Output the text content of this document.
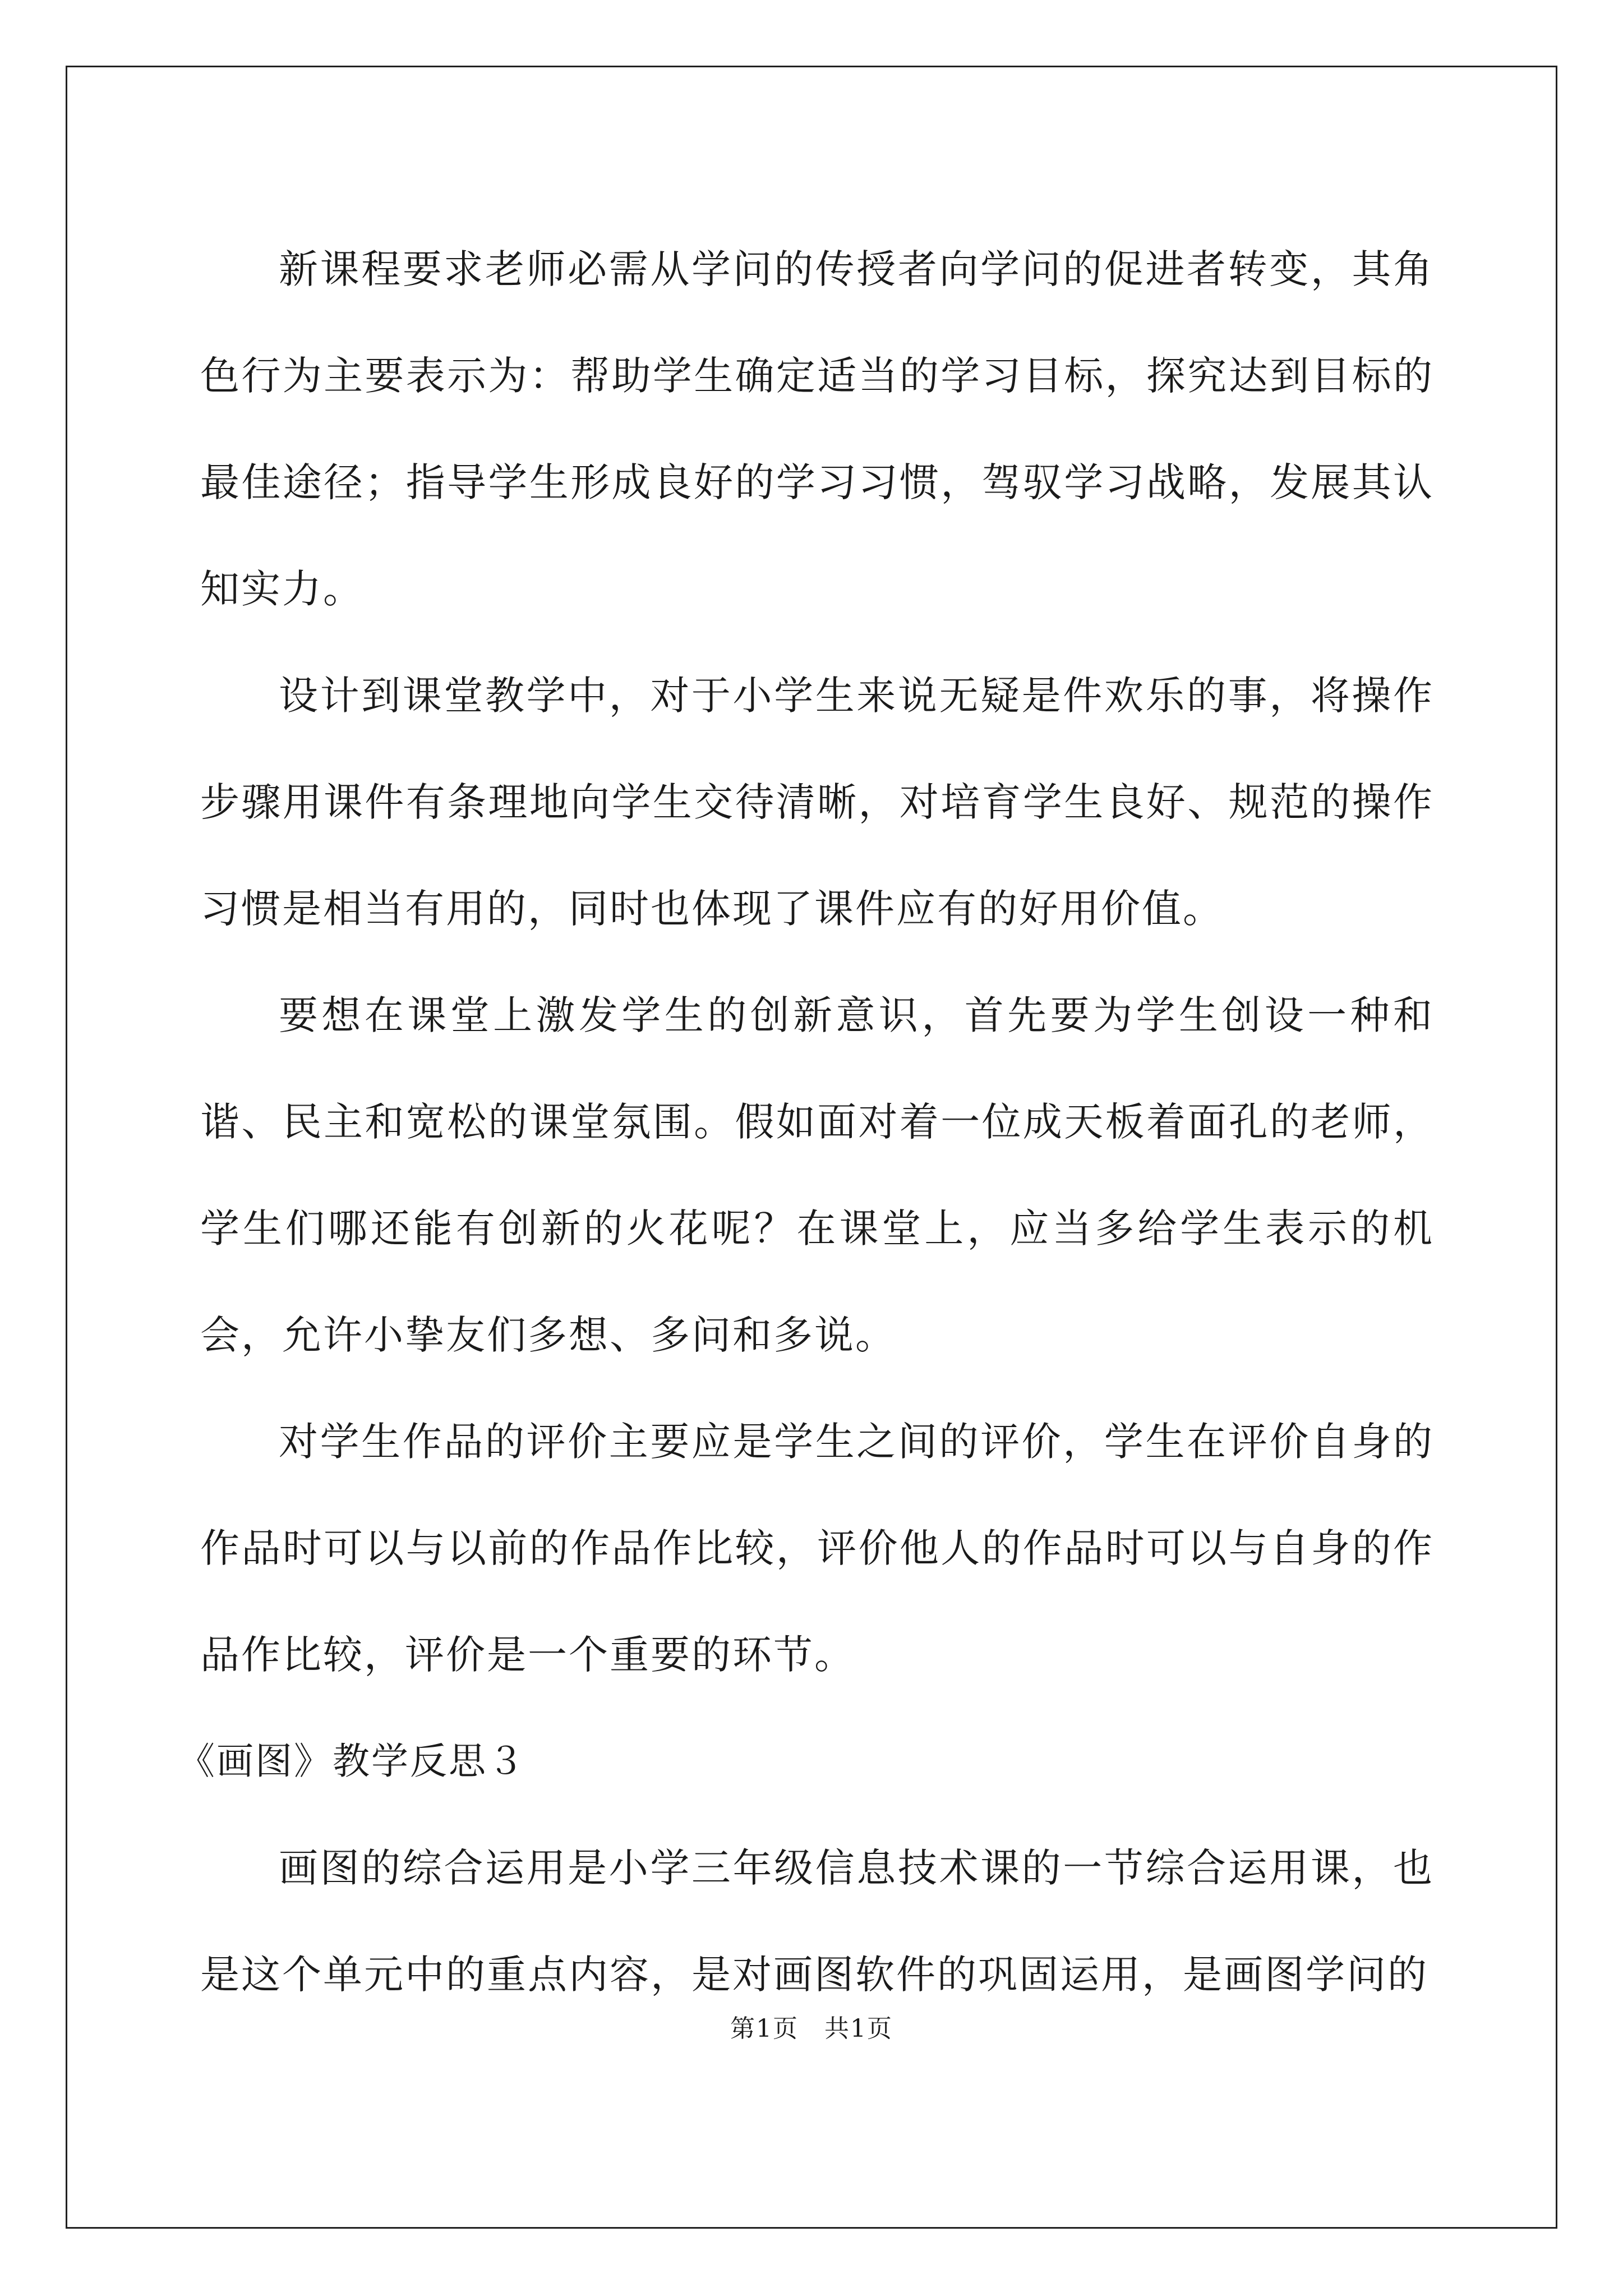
新课程要求老师必需从学问的传授者向学问的促进者转变，其角色行为主要表示为：帮助学生确定适当的学习目标，探究达到目标的最佳途径；指导学生形成良好的学习习惯，驾驭学习战略，发展其认知实力。

设计到课堂教学中，对于小学生来说无疑是件欢乐的事，将操作步骤用课件有条理地向学生交待清晰，对培育学生良好、规范的操作习惯是相当有用的，同时也体现了课件应有的好用价值。

要想在课堂上激发学生的创新意识，首先要为学生创设一种和谐、民主和宽松的课堂氛围。假如面对着一位成天板着面孔的老师，学生们哪还能有创新的火花呢？在课堂上，应当多给学生表示的机会，允许小挚友们多想、多问和多说。

对学生作品的评价主要应是学生之间的评价，学生在评价自身的作品时可以与以前的作品作比较，评价他人的作品时可以与自身的作品作比较，评价是一个重要的环节。

《画图》教学反思３

画图的综合运用是小学三年级信息技术课的一节综合运用课，也是这个单元中的重点内容，是对画图软件的巩固运用，是画图学问的

第1页　共1页
